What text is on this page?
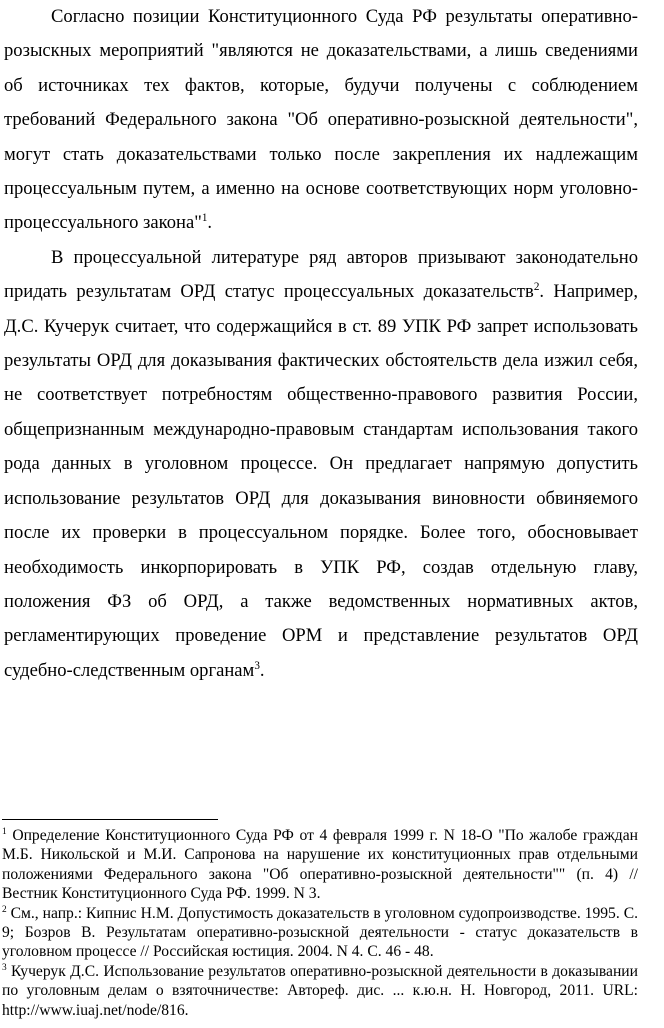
Согласно позиции Конституционного Суда РФ результаты оперативно-розыскных мероприятий "являются не доказательствами, а лишь сведениями об источниках тех фактов, которые, будучи получены с соблюдением требований Федерального закона "Об оперативно-розыскной деятельности", могут стать доказательствами только после закрепления их надлежащим процессуальным путем, а именно на основе соответствующих норм уголовно-процессуального закона"$^1$.

В процессуальной литературе ряд авторов призывают законодательно придать результатам ОРД статус процессуальных доказательств$^2$. Например, Д.С. Кучерук считает, что содержащийся в ст. 89 УПК РФ запрет использовать результаты ОРД для доказывания фактических обстоятельств дела изжил себя, не соответствует потребностям общественно-правового развития России, общепризнанным международно-правовым стандартам использования такого рода данных в уголовном процессе. Он предлагает напрямую допустить использование результатов ОРД для доказывания виновности обвиняемого после их проверки в процессуальном порядке. Более того, обосновывает необходимость инкорпорировать в УПК РФ, создав отдельную главу, положения ФЗ об ОРД, а также ведомственных нормативных актов, регламентирующих проведение ОРМ и представление результатов ОРД судебно-следственным органам$^3$.

$^1$ Определение Конституционного Суда РФ от 4 февраля 1999 г. N 18-О "По жалобе граждан М.Б. Никольской и М.И. Сапронова на нарушение их конституционных прав отдельными положениями Федерального закона "Об оперативно-розыскной деятельности"" (п. 4) // Вестник Конституционного Суда РФ. 1999. N 3.

$^2$ См., напр.: Кипнис Н.М. Допустимость доказательств в уголовном судопроизводстве. 1995. С. 9; Бозров В. Результатам оперативно-розыскной деятельности - статус доказательств в уголовном процессе // Российская юстиция. 2004. N 4. С. 46 - 48.

$^3$ Кучерук Д.С. Использование результатов оперативно-розыскной деятельности в доказывании по уголовным делам о взяточничестве: Автореф. дис. ... к.ю.н. Н. Новгород, 2011. URL: http://www.iuaj.net/node/816.
